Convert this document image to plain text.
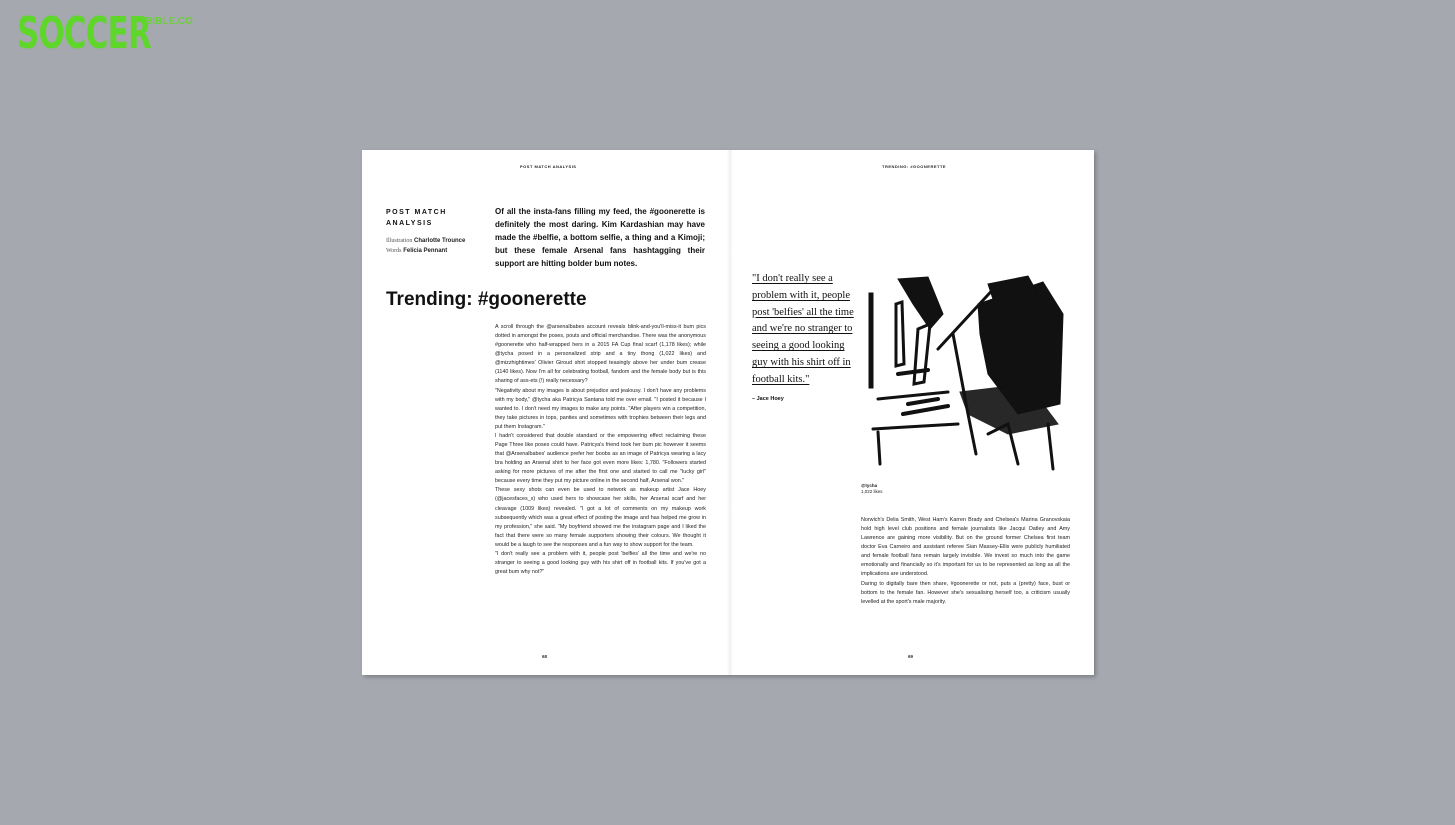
SOCCER
BIBLE.CO
POST MATCH ANALYSIS
POST MATCH ANALYSIS
Illustration Charlotte Trounce
Words Felicia Pennant
Of all the insta-fans filling my feed, the #goonerette is definitely the most daring. Kim Kardashian may have made the #belfie, a bottom selfie, a thing and a Kimoji; but these female Arsenal fans hashtagging their support are hitting bolder bum notes.
Trending: #goonerette

A scroll through the @arsenalbabes account reveals blink-and-you'll-miss-it bum pics dotted in amongst the poses, pouts and official merchandise. There was the anonymous #goonerette who half-wrapped hers in a 2015 FA Cup final scarf (1,178 likes); while @tycha posed in a personalized strip and a tiny thong (1,022 likes) and @mizzhightimes' Olivier Giroud shirt stopped teasingly above her under bum crease (1140 likes). Now I'm all for celebrating football, fandom and the female body but is this sharing of ass-ets (!) really necessary?

"Negativity about my images is about prejudice and jealousy. I don't have any problems with my body," @tycha aka Patricya Santana told me over email. "I posted it because I wanted to. I don't need my images to make any points. "After players win a competition, they take pictures in tops, panties and sometimes with trophies between their legs and put them Instagram."

I hadn't considered that double standard or the empowering effect reclaiming these Page Three like poses could have. Patricya's friend took her bum pic however it seems that @Arsenalbabes' audience prefer her boobs as an image of Patricya wearing a lacy bra holding an Arsenal shirt to her face got even more likes: 1,780. "Followers started asking for more pictures of me after the first one and started to call me "lucky girl" because every time they put my picture online in the second half, Arsenal won."

These sexy shots can even be used to network as makeup artist Jace Hoey (@jacesfaces_x) who used hers to showcase her skills, her Arsenal scarf and her cleavage (1009 likes) revealed. "I got a lot of comments on my makeup work subsequently which was a great effect of posting the image and has helped me grow in my profession," she said. "My boyfriend showed me the instagram page and I liked the fact that there were so many female supporters showing their colours. We thought it would be a laugh to see the responses and a fun way to show support for the team.

"I don't really see a problem with it, people post 'belfies' all the time and we're no stranger to seeing a good looking guy with his shirt off in football kits. If you've got a great bum why not?"

68
TRENDING: #GOONERETTE
"I don't really see a problem with it, people post 'belfies' all the time and we're no stranger to seeing a good looking guy with his shirt off in football kits."
– Jace Hoey
@tycha
1,022 likes

Norwich's Delia Smith, West Ham's Karren Brady and Chelsea's Marina Granovskaia hold high level club positions and female journalists like Jacqui Oatley and Amy Lawrence are gaining more visibility. But on the ground former Chelsea first team doctor Eva Carneiro and assistant referee Sian Massey-Ellis were publicly humiliated and female football fans remain largely invisible. We invest so much into the game emotionally and financially so it's important for us to be represented as long as all the implications are understood.

Daring to digitally bare then share, #goonerette or not, puts a (pretty) face, bust or bottom to the female fan. However she's sexualising herself too, a criticism usually levelled at the sport's male majority.

69
